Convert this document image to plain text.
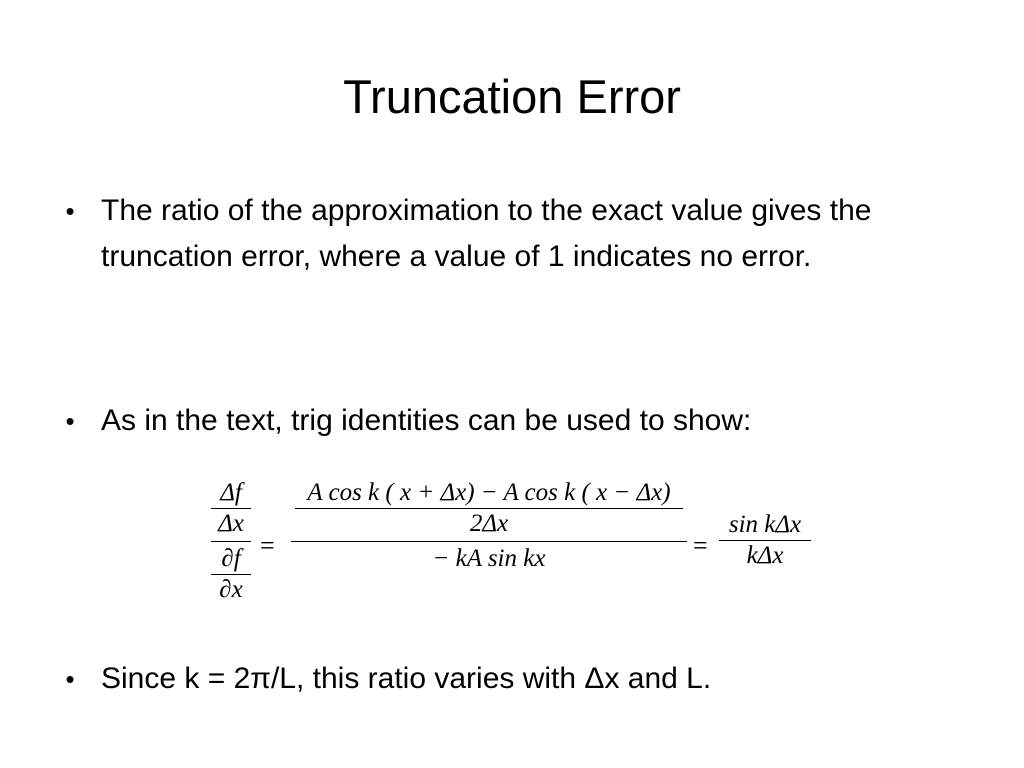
Truncation Error
• The ratio of the approximation to the exact value gives the truncation error, where a value of 1 indicates no error.
• As in the text, trig identities can be used to show:
• Since k = 2π/L, this ratio varies with Δx and L.
Δf
Δx
∂f
∂x
=
A cos k ( x + Δx) − A cos k ( x − Δx)
2Δx
− kA sin kx	=
sin kΔx
kΔx
